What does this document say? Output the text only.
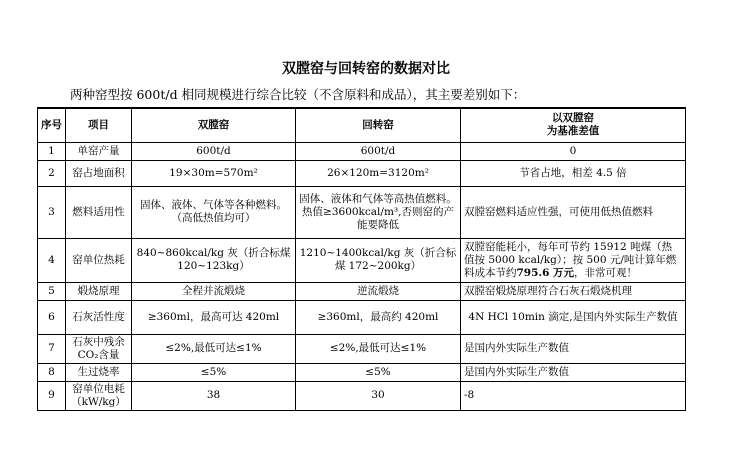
双膛窑与回转窑的数据对比
两种窑型按 600t/d 相同规模进行综合比较（不含原料和成品），其主要差别如下：
序号	项目	双膛窑	回转窑	以双膛窑
为基准差值
1	单窑产量	600t/d	600t/d	0
2	窑占地面积	19×30m=570m²	26×120m=3120m²	节省占地，相差 4.5 倍
3	燃料适用性	固体、液体、气体等各种燃料。（高低热值均可）	固体、液体和气体等高热值燃料。热值≥3600kcal/m³,否则窑的产能要降低	双膛窑燃料适应性强，可使用低热值燃料
4	窑单位热耗	840~860kcal/kg 灰（折合标煤 120~123kg）	1210~1400kcal/kg 灰（折合标煤 172~200kg）	双膛窑能耗小，每年可节约 15912 吨煤（热值按 5000 kcal/kg）；按 500 元/吨计算年燃料成本节约795.6 万元，非常可观！
5	煅烧原理	全程并流煅烧	逆流煅烧	双膛窑煅烧原理符合石灰石煅烧机理
6	石灰活性度	≥360ml，最高可达 420ml	≥360ml，最高约 420ml	4N HCl 10min 滴定,是国内外实际生产数值
7	石灰中残余CO₂含量	≤2%,最低可达≤1%	≤2%,最低可达≤1%	是国内外实际生产数值
8	生过烧率	≤5%	≤5%	是国内外实际生产数值
9	窑单位电耗（kW/kg）	38	30	-8
